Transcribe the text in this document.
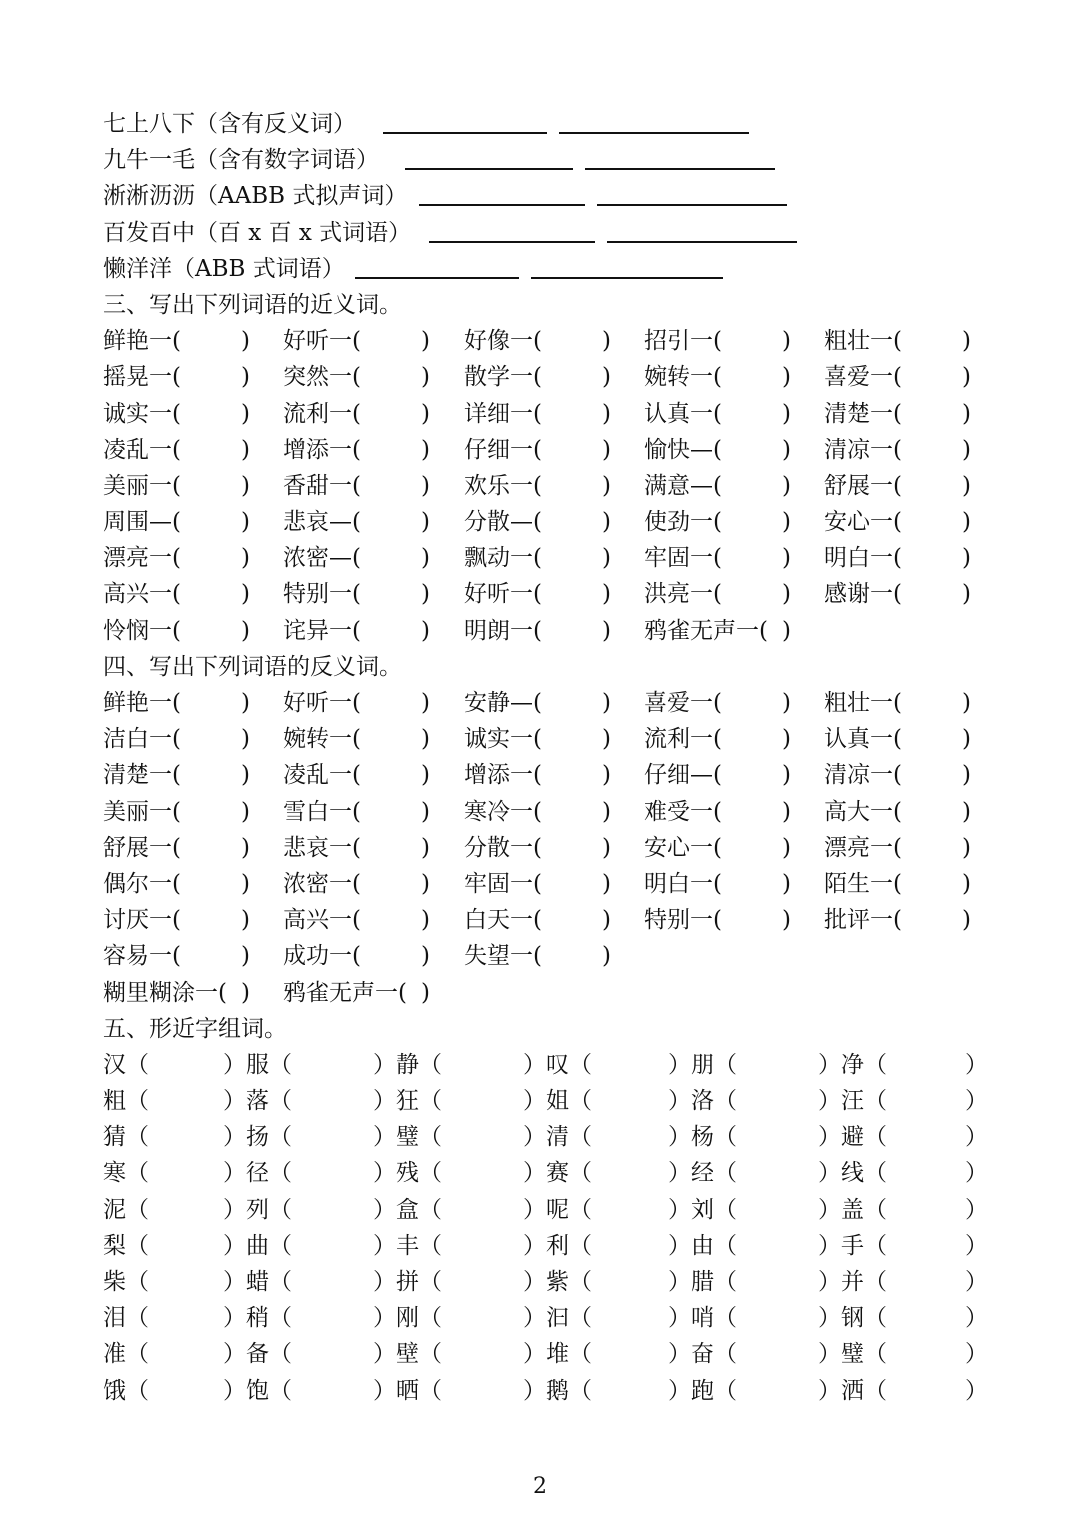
七上八下（含有反义词）
九牛一毛（含有数字词语）
淅淅沥沥（AABB 式拟声词）
百发百中（百 x 百 x 式词语）
懒洋洋（ABB 式词语）
三、写出下列词语的近义词。
鲜艳一(	) 好听一(	) 好像一(	) 招引一(	) 粗壮一(	)
摇晃一(	) 突然一(	) 散学一(	) 婉转一(	) 喜爱一(	)
诚实一(	) 流利一(	) 详细一(	) 认真一(	) 清楚一(	)
凌乱一(	) 增添一(	) 仔细一(	) 愉快—(	) 清凉一(	)
美丽一(	) 香甜一(	) 欢乐一(	) 满意—(	) 舒展一(	)
周围—(	) 悲哀—(	) 分散—(	) 使劲一(	) 安心一(	)
漂亮一(	) 浓密—(	) 飘动一(	) 牢固一(	) 明白一(	)
高兴一(	) 特别一(	) 好听一(	) 洪亮一(	) 感谢一(	)
怜悯一(	) 诧异一(	) 明朗一(	) 鸦雀无声一( )
四、写出下列词语的反义词。
鲜艳一(	) 好听一(	) 安静—(	) 喜爱一(	) 粗壮一(	)
洁白一(	) 婉转一(	) 诚实一(	) 流利一(	) 认真一(	)
清楚一(	) 凌乱一(	) 增添一(	) 仔细—(	) 清凉一(	)
美丽一(	) 雪白一(	) 寒冷一(	) 难受一(	) 高大一(	)
舒展一(	) 悲哀一(	) 分散一(	) 安心一(	) 漂亮一(	)
偶尔一(	) 浓密一(	) 牢固一(	) 明白一(	) 陌生一(	)
讨厌一(	) 高兴一(	) 白天一(	) 特别一(	) 批评一(	)
容易一(	) 成功一(	) 失望一(	)
糊里糊涂一( ) 鸦雀无声一( )
五、形近字组词。
汉（	）服（	）静（	）叹（	）朋（	）净（	）
粗（	）落（	）狂（	）姐（	）洛（	）汪（	）
猜（	）扬（	）璧（	）清（	）杨（	）避（	）
寒（	）径（	）残（	）赛（	）经（	）线（	）
泥（	）列（	）盒（	）呢（	）刘（	）盖（	）
梨（	）曲（	）丰（	）利（	）由（	）手（	）
柴（	）蜡（	）拼（	）紫（	）腊（	）并（	）
泪（	）稍（	）刚（	）汩（	）哨（	）钢（	）
准（	）备（	）壁（	）堆（	）奋（	）璧（	）
饿（	）饱（	）晒（	）鹅（	）跑（	）洒（	）
2
